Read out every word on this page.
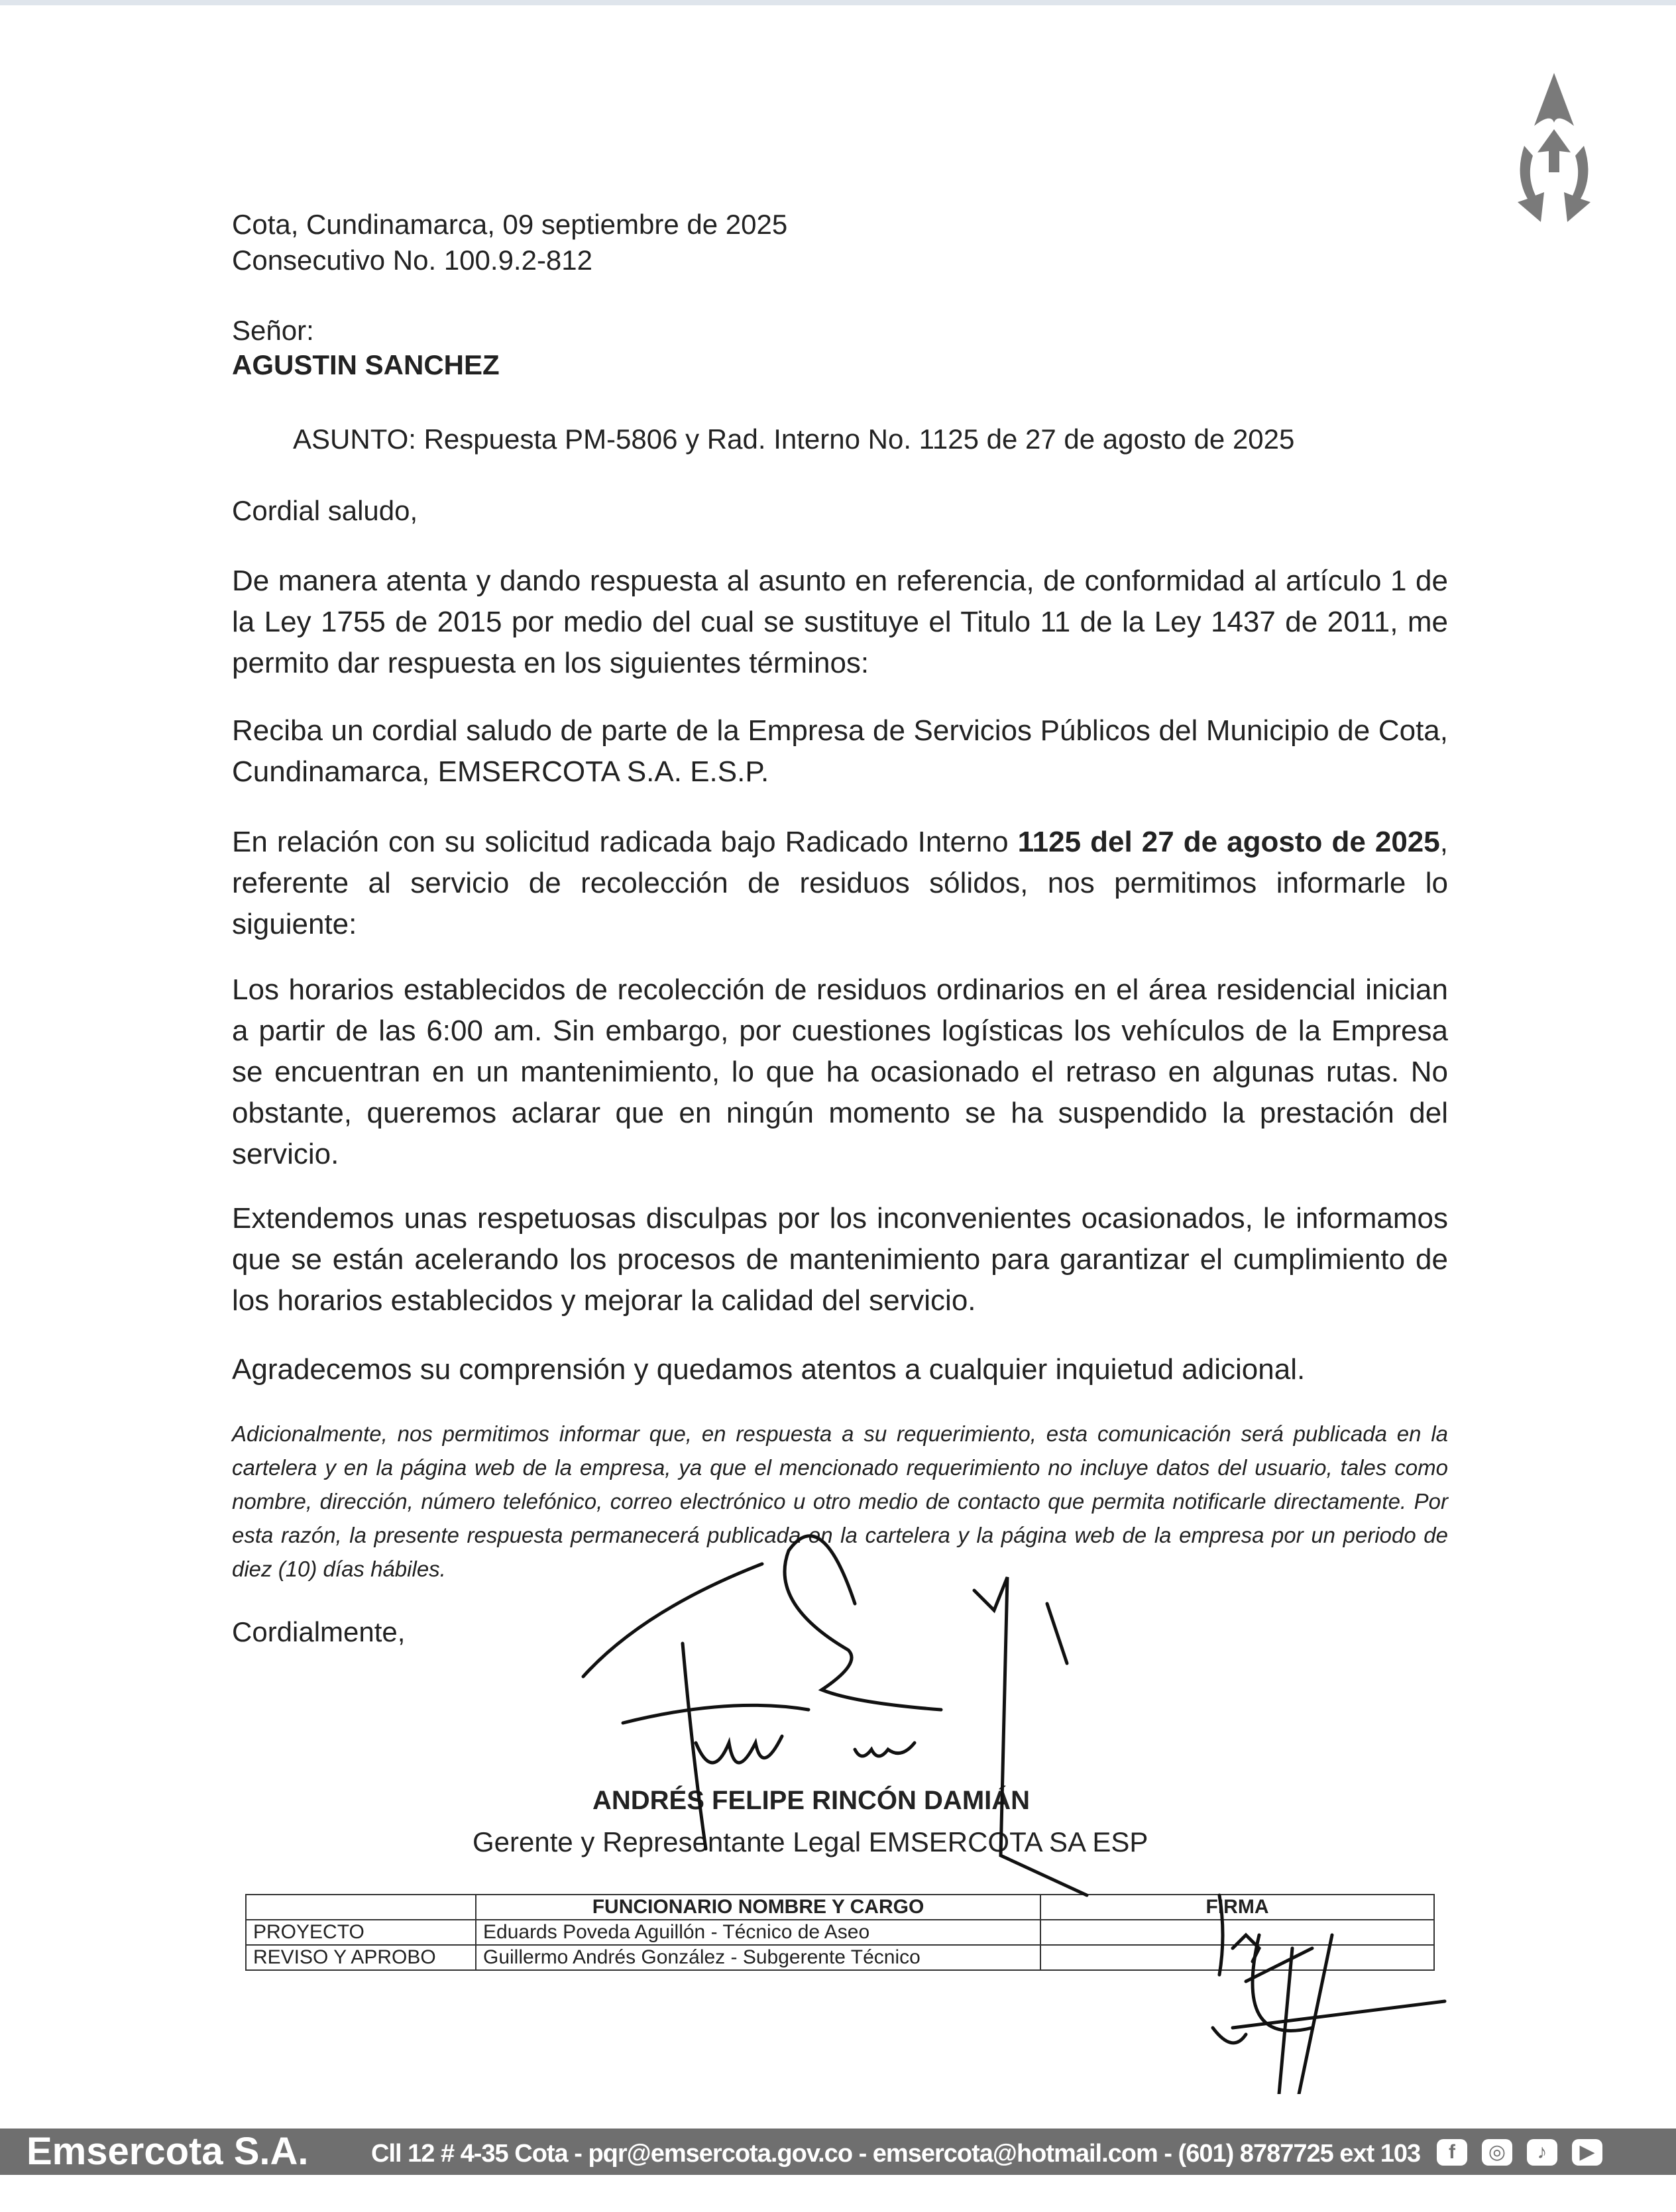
Cota, Cundinamarca, 09 septiembre de 2025
Consecutivo No. 100.9.2-812
Señor:
AGUSTIN SANCHEZ
ASUNTO: Respuesta PM-5806 y Rad. Interno No. 1125 de 27 de agosto de 2025
Cordial saludo,
De manera atenta y dando respuesta al asunto en referencia, de conformidad al artículo 1 de la Ley 1755 de 2015 por medio del cual se sustituye el Titulo 11 de la Ley 1437 de 2011, me permito dar respuesta en los siguientes términos:
Reciba un cordial saludo de parte de la Empresa de Servicios Públicos del Municipio de Cota, Cundinamarca, EMSERCOTA S.A. E.S.P.
En relación con su solicitud radicada bajo Radicado Interno 1125 del 27 de agosto de 2025, referente al servicio de recolección de residuos sólidos, nos permitimos informarle lo siguiente:
Los horarios establecidos de recolección de residuos ordinarios en el área residencial inician a partir de las 6:00 am. Sin embargo, por cuestiones logísticas los vehículos de la Empresa se encuentran en un mantenimiento, lo que ha ocasionado el retraso en algunas rutas. No obstante, queremos aclarar que en ningún momento se ha suspendido la prestación del servicio.
Extendemos unas respetuosas disculpas por los inconvenientes ocasionados, le informamos que se están acelerando los procesos de mantenimiento para garantizar el cumplimiento de los horarios establecidos y mejorar la calidad del servicio.
Agradecemos su comprensión y quedamos atentos a cualquier inquietud adicional.
Adicionalmente, nos permitimos informar que, en respuesta a su requerimiento, esta comunicación será publicada en la cartelera y en la página web de la empresa, ya que el mencionado requerimiento no incluye datos del usuario, tales como nombre, dirección, número telefónico, correo electrónico u otro medio de contacto que permita notificarle directamente. Por esta razón, la presente respuesta permanecerá publicada en la cartelera y la página web de la empresa por un periodo de diez (10) días hábiles.
Cordialmente,
ANDRÉS FELIPE RINCÓN DAMIÁN
Gerente y Representante Legal EMSERCOTA SA ESP
	FUNCIONARIO NOMBRE Y CARGO	FIRMA
PROYECTO	Eduards Poveda Aguillón - Técnico de Aseo	
REVISO Y APROBO	Guillermo Andrés González - Subgerente Técnico	
Emsercota S.A. Cll 12 # 4-35 Cota - pqr@emsercota.gov.co - emsercota@hotmail.com - (601) 8787725 ext 103	f	◎	♪	▶
